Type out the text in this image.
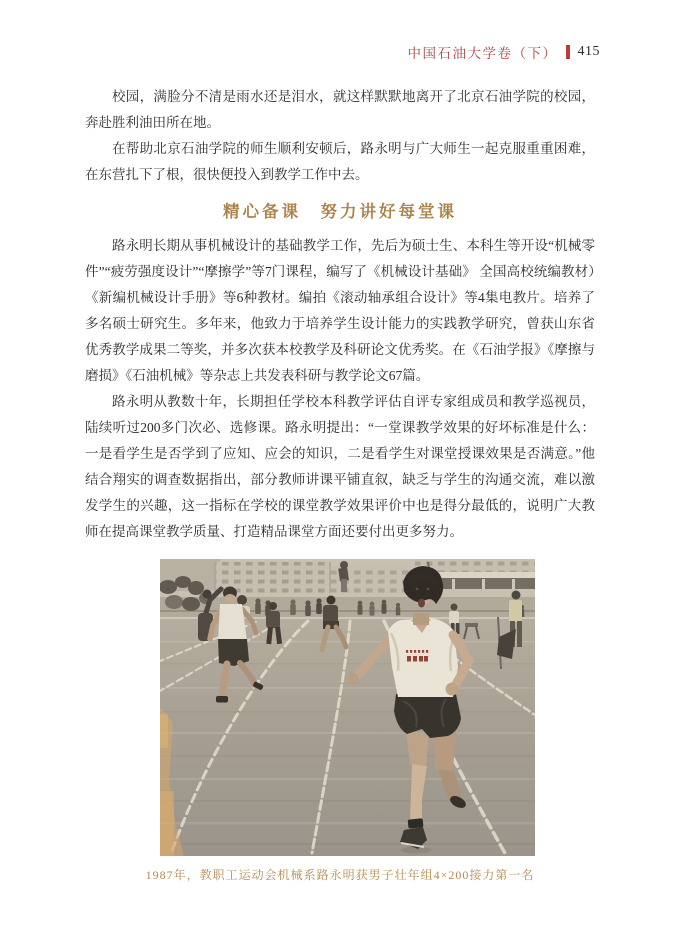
中国石油大学卷（下） 415

校园，满脸分不清是雨水还是泪水，就这样默默地离开了北京石油学院的校园，奔赴胜利油田所在地。

在帮助北京石油学院的师生顺利安顿后，路永明与广大师生一起克服重重困难，在东营扎下了根，很快便投入到教学工作中去。

精心备课　努力讲好每堂课

路永明长期从事机械设计的基础教学工作，先后为硕士生、本科生等开设“机械零件”“疲劳强度设计”“摩擦学”等7门课程，编写了《机械设计基础》 全国高校统编教材）《新编机械设计手册》等6种教材。编拍《滚动轴承组合设计》等4集电教片。培养了多名硕士研究生。多年来，他致力于培养学生设计能力的实践教学研究，曾获山东省优秀教学成果二等奖，并多次获本校教学及科研论文优秀奖。在《石油学报》《摩擦与磨损》《石油机械》等杂志上共发表科研与教学论文67篇。

路永明从教数十年，长期担任学校本科教学评估自评专家组成员和教学巡视员，陆续听过200多门次必、选修课。路永明提出：“一堂课教学效果的好坏标准是什么：一是看学生是否学到了应知、应会的知识，二是看学生对课堂授课效果是否满意。”他结合翔实的调查数据指出，部分教师讲课平铺直叙，缺乏与学生的沟通交流，难以激发学生的兴趣，这一指标在学校的课堂教学效果评价中也是得分最低的，说明广大教师在提高课堂教学质量、打造精品课堂方面还要付出更多努力。

1987年，教职工运动会机械系路永明获男子壮年组4×200接力第一名
